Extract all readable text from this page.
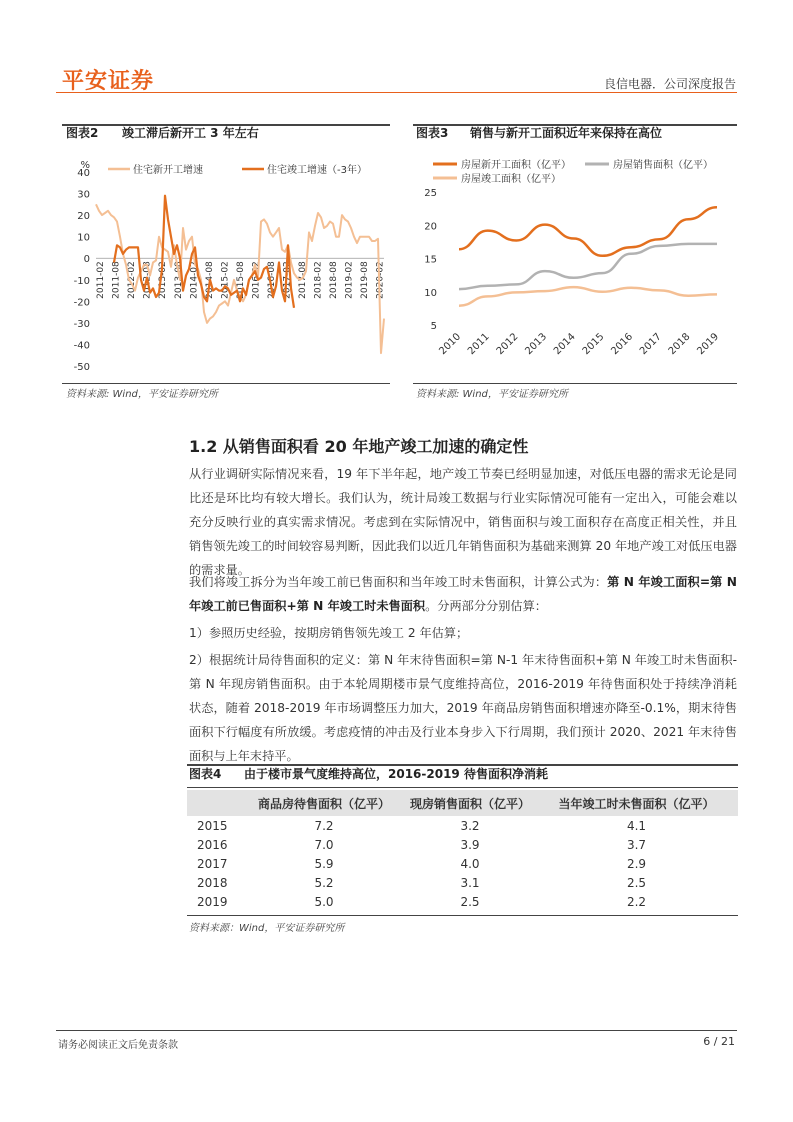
平安证券	良信电器．公司深度报告
图表2 竣工滞后新开工 3 年左右
%
40
30
20
10
0
-10
-20
-30
-40
-50
2011-02 2011-08 2012-02 2012-08 2013-02 2013-08 2014-02 2014-08 2015-02 2015-08 2016-02 2016-08 2017-02 2017-08 2018-02 2018-08 2019-02 2019-08 2020-02
住宅新开工增速	住宅竣工增速（-3年）
资料来源: Wind，平安证券研究所
图表3 销售与新开工面积近年来保持在高位
25
20
15
10
5
2010 2011 2012 2013 2014 2015 2016 2017 2018 2019
房屋新开工面积（亿平）	房屋销售面积（亿平）
房屋竣工面积（亿平）
资料来源: Wind，平安证券研究所
1.2 从销售面积看 20 年地产竣工加速的确定性
从行业调研实际情况来看，19 年下半年起，地产竣工节奏已经明显加速，对低压电器的需求无论是同比还是环比均有较大增长。我们认为，统计局竣工数据与行业实际情况可能有一定出入，可能会难以充分反映行业的真实需求情况。考虑到在实际情况中，销售面积与竣工面积存在高度正相关性，并且销售领先竣工的时间较容易判断，因此我们以近几年销售面积为基础来测算 20 年地产竣工对低压电器的需求量。
我们将竣工拆分为当年竣工前已售面积和当年竣工时未售面积，计算公式为：第 N 年竣工面积=第 N 年竣工前已售面积+第 N 年竣工时未售面积。分两部分分别估算：
1）参照历史经验，按期房销售领先竣工 2 年估算；
2）根据统计局待售面积的定义：第 N 年末待售面积=第 N-1 年末待售面积+第 N 年竣工时未售面积-第 N 年现房销售面积。由于本轮周期楼市景气度维持高位，2016-2019 年待售面积处于持续净消耗状态，随着 2018-2019 年市场调整压力加大，2019 年商品房销售面积增速亦降至-0.1%，期末待售面积下行幅度有所放缓。考虑疫情的冲击及行业本身步入下行周期，我们预计 2020、2021 年末待售面积与上年末持平。
图表4 由于楼市景气度维持高位，2016-2019 待售面积净消耗
	商品房待售面积（亿平）	现房销售面积（亿平）	当年竣工时未售面积（亿平）
2015	7.2	3.2	4.1
2016	7.0	3.9	3.7
2017	5.9	4.0	2.9
2018	5.2	3.1	2.5
2019	5.0	2.5	2.2
资料来源：Wind，平安证券研究所
请务必阅读正文后免责条款	6 / 21
